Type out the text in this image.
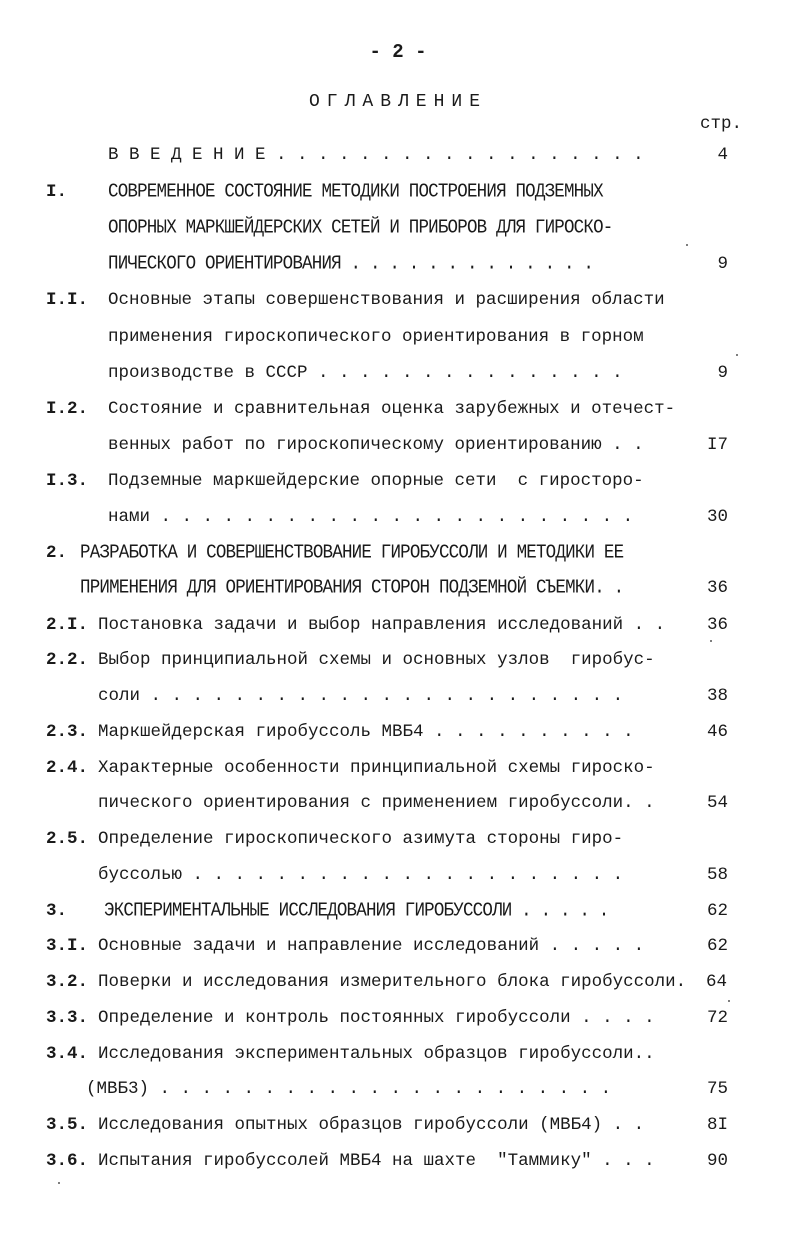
- 2 -
ОГЛАВЛЕНИЕ
стр.
В В Е Д Е Н И Е . . . . . . . . . . . . . . . . . .	4
I. СОВРЕМЕННОЕ СОСТОЯНИЕ МЕТОДИКИ ПОСТРОЕНИЯ ПОДЗЕМНЫХ
ОПОРНЫХ МАРКШЕЙДЕРСКИХ СЕТЕЙ И ПРИБОРОВ ДЛЯ ГИРОСКО-
ПИЧЕСКОГО ОРИЕНТИРОВАНИЯ . . . . . . . . . . . . .	9
I.I. Основные этапы совершенствования и расширения области
применения гироскопического ориентирования в горном
производстве в СССР . . . . . . . . . . . . . . .	9
I.2. Состояние и сравнительная оценка зарубежных и отечест-
венных работ по гироскопическому ориентированию . .	I7
I.3. Подземные маркшейдерские опорные сети  с гиросторо-
нами . . . . . . . . . . . . . . . . . . . . . . .	30
2. РАЗРАБОТКА И СОВЕРШЕНСТВОВАНИЕ ГИРОБУССОЛИ И МЕТОДИКИ ЕЕ
ПРИМЕНЕНИЯ ДЛЯ ОРИЕНТИРОВАНИЯ СТОРОН ПОДЗЕМНОЙ СЪЕМКИ. .	36
2.I. Постановка задачи и выбор направления исследований . .	36
2.2. Выбор принципиальной схемы и основных узлов  гиробус-
соли . . . . . . . . . . . . . . . . . . . . . . .	38
2.3. Маркшейдерская гиробуссоль МВБ4 . . . . . . . . . .	46
2.4. Характерные особенности принципиальной схемы гироско-
пического ориентирования с применением гиробуссоли. .	54
2.5. Определение гироскопического азимута стороны гиро-
буссолью . . . . . . . . . . . . . . . . . . . . .	58
3. ЭКСПЕРИМЕНТАЛЬНЫЕ ИССЛЕДОВАНИЯ ГИРОБУССОЛИ . . . . .	62
3.I. Основные задачи и направление исследований . . . . .	62
3.2. Поверки и исследования измерительного блока гиробуссоли. 64
3.3. Определение и контроль постоянных гиробуссоли . . . .	72
3.4. Исследования экспериментальных образцов гиробуссоли..
(МВБ3) . . . . . . . . . . . . . . . . . . . . . .	75
3.5. Исследования опытных образцов гиробуссоли (МВБ4) . .	8I
3.6. Испытания гиробуссолей МВБ4 на шахте  "Таммику" . . .	90
